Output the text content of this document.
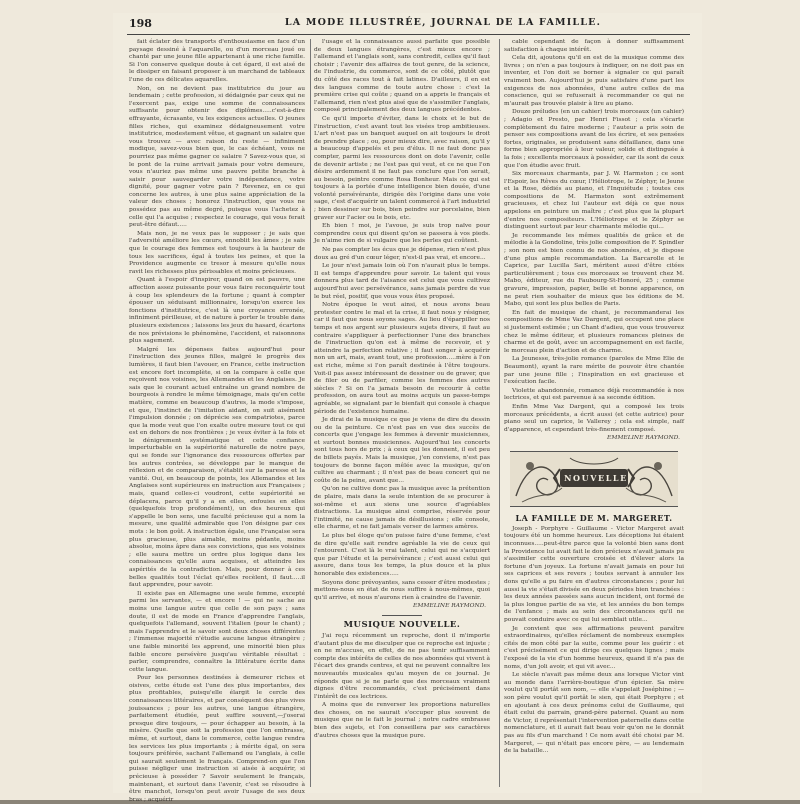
198	LA MODE ILLUSTRÉE, JOURNAL DE LA FAMILLE.

fait éclater des transports d'enthousiasme en face d'un paysage dessiné à l'aquarelle, ou d'un morceau joué ou chanté par une jeune fille appartenant à une riche famille. Si l'on conserve quelque doute à cet égard, il est aisé de le dissiper en faisant proposer à un marchand de tableaux l'une de ces délicates aquarelles.

Non, on ne devient pas institutrice du jour au lendemain ; cette profession, si dédaignée par ceux qui ne l'exercent pas, exige une somme de connaissances suffisante pour obtenir des diplômes.....c'est-à-dire effrayante, écrasante, vu les exigences actuelles. O jeunes filles riches, qui examinez dédaigneusement votre institutrice, modestement vêtue, et gagnant un salaire que vous trouvez — avec raison du reste — infiniment modique, savez-vous bien que, le cas échéant, vous ne pourriez pas même gagner ce salaire ? Savez-vous que, si le pont de la ruine arrivait jamais pour votre demeure, vous n'auriez pas même une pauvre petite branche à saisir pour sauvegarder votre indépendance, votre dignité, pour gagner votre pain ? Revenez, en ce qui concerne les autres, à une plus saine appréciation de la valeur des choses ; honorez l'instruction, que vous ne possédez pas au même degré, puisque vous l'achetez à celle qui l'a acquise ; respectez le courage, qui vous ferait peut-être défaut.....

Mais non, je ne veux pas le supposer ; je sais que l'adversité améliore les cœurs, ennoblit les âmes ; je sais que le courage des femmes est toujours à la hauteur de tous les sacrifices, égal à toutes les peines, et que la Providence augmente ce tresor à mesure qu'elle nous ravit les richesses plus périssables et moins précieuses.

Quant à l'espoir d'inspirer, quand on est pauvre, une affection assez puissante pour vous faire reconquérir tout à coup les splendeurs de la fortune ; quant à compter épouser un séduisant millionnaire, lorsqu'on exerce les fonctions d'institutrice, c'est là une croyance erronée, infiniment périlleuse, et de nature à porter le trouble dans plusieurs existences ; laissons les jeux du hasard, écartons de nos prévisions le phénomène, l'accident, et raisonnons plus sagement.

Malgré les dépenses faites aujourd'hui pour l'instruction des jeunes filles, malgré le progrès des lumières, il faut bien l'avouer, en France, cette instruction est encore fort incomplète, si on la compare à celle que reçoivent nos voisines, les Allemandes et les Anglaises. Je sais que le courant actuel entraîne un grand nombre de bourgeois à rendre le même témoignage, mais qu'en cette matière, comme en beaucoup d'autres, la mode s'impose, et que, l'instinct de l'imitation aidant, on suit aisément l'impulsion donnée ; on déprécie ses compatriotes, parce que la mode veut que l'on exalte outre mesure tout ce qui est en dehors de nos frontières ; je veux éviter à la fois et le dénigrement systématique et cette confiance imperturbable en la supériorité naturelle de notre pays, qui se fonde sur l'ignorance des ressources offertes par les autres contrées, se développe par le manque de réflexion et de comparaison, s'établit sur la paresse et la vanité. Oui, en beaucoup de points, les Allemandes et les Anglaises sont supérieures en instruction aux Françaises ; mais, quand celles-ci voudront, cette supériorité se déplacera, parce qu'il y a en elles, enfouies en elles (quelquefois trop profondément), un des heureux qui s'appelle le bon sens, une faculté précieuse qui a nom la mesure, une qualité admirable que l'on désigne par ces mots : le bon goût. A instruction égale, une Française sera plus gracieuse, plus aimable, moins pédante, moins absolue, moins âpre dans ses convictions, que ses voisines ; elle saura mettre un ordre plus logique dans les connaissances qu'elle aura acquises, et atteindre les aspérités de la contradiction. Mais, pour donner à ces belles qualités tout l'éclat qu'elles recèlent, il faut.....il faut apprendre, pour savoir.

Il existe pas en Allemagne une seule femme, excepté parmi les servantes, — et encore ! — qui ne sache au moins une langue autre que celle de son pays ; sans doute, il est de mode en France d'apprendre l'anglais, quelquefois l'allemand, souvent l'italien (pour le chant) ; mais l'apprendre et le savoir sont deux choses différentes ; l'immense majorité n'étudie aucune langue étrangère ; une faible minorité les apprend, une minorité bien plus faible encore persévère jusqu'au véritable résultat : parler, comprendre, connaître la littérature écrite dans cette langue.

Pour les personnes destinées à demeurer riches et oisives, cette étude est l'une des plus importantes, des plus profitables, puisqu'elle élargit le cercle des connaissances littéraires, et par conséquent des plus vives jouissances ; pour les autres, une langue étrangère, parfaitement étudiée, peut suffire souvent,—j'oserai presque dire toujours, — pour échapper au besoin, à la misère. Quelle que soit la profession que l'on embrasse, même, et surtout, dans le commerce, cette langue rendra les services les plus importants ; à mérite égal, on sera toujours préférée, sachant l'allemand ou l'anglais, à celle qui saurait seulement le français. Comprend-on que l'on puisse négliger une instruction si aisée à acquérir, si précieuse à posséder ? Savoir seulement le français, maintenant, et surtout dans l'avenir, c'est se résoudre à être manchot, lorsqu'on peut avoir l'usage de ses deux bras ; acquérir

l'usage et la connaissance aussi parfaite que possible de deux langues étrangères, c'est mieux encore ; l'allemand et l'anglais sont, sans contredit, celles qu'il faut choisir ; l'avenir des affaires de tout genre, de la science, de l'industrie, du commerce, sont de ce côté, plutôt que du côté des races tout à fait latines. D'ailleurs, il en est des langues comme de toute autre chose : c'est la première crise qui coûte ; quand on a appris le français et l'allemand, rien n'est plus aisé que de s'assimiler l'anglais, composé principalement des deux langues précédentes.

Ce qu'il importe d'éviter, dans le choix et le but de l'instruction, c'est avant tout les visées trop ambitieuses. L'art n'est pas un banquet auquel on ait toujours le droit de prendre place ; ou, pour mieux dire, avec raison, qu'il y a beaucoup d'appelés et peu d'élus. Il ne faut donc pas compter, parmi les ressources dont on dote l'avenir, celle de devenir artiste ; ne l'est pas qui veut, et ce ne que l'on désire ardemment il ne faut pas conclure que l'on serait, au besoin, peintre comme Rosa Bonheur. Mais ce qui est toujours à la portée d'une intelligence bien douée, d'une volonté persévérante, dirigée dès l'origine dans une voie sage, c'est d'acquérir un talent commercé à l'art industriel ; bien dessiner sur bois, bien peindre sur porcelaine, bien graver sur l'acier ou le bois, etc.

Eh bien ! moi, je l'avoue, je suis trop naïve pour comprendre ceux qui disent qu'on se passera à vos pieds. Je n'aime rien de si vulgaire que les perles qui coûtent.

Ne pas compter les écus que je dépense, rien n'est plus doux au gré d'un cœur léger, n'est-il pas vrai, et encore...

Le jour n'est jamais loin où l'on n'aurait plus le temps. Il est temps d'apprendre pour savoir. Le talent qui vous donnera plus tard de l'aisance est celui que vous cultivez aujourd'hui avec persévérance, sans jamais perdre de vue le but réel, positif, que vous vous êtes proposé.

Notre époque le veut ainsi, et nous avons beau protester contre le mal et la crise, il faut nous y résigner, car il faut que nous soyons sages. Au lieu d'éparpiller nos temps et nos argent sur plusieurs sujets divers, il faut au contraire s'appliquer à perfectionner l'une des branches de l'instruction qu'on est à même de recevoir, et y atteindre la perfection relative ; il faut songer à acquérir non un art, mais, avant tout, une profession.....mère à l'on est riche, même si l'on paraît destinée à l'être toujours. Voit-il pas assez intéressant de dessiner ou de graver, que de filer ou de parfiler, comme les femmes des autres siècles ? Si on l'a jamais besoin de recourir à cette profession, on aura tout au moins acquis un passe-temps agréable, se signalant par le bienfait qui console à chaque période de l'existence humaine.

Je dirai de la musique ce que je viens de dire du dessin ou de la peinture. Ce n'est pas en vue des succès de concerts que j'engage les femmes à devenir musiciennes, et surtout bonnes musiciennes. Aujourd'hui les concerts sont tous hors de prix ; à ceux qui les donnent, il est peu de billets payés. Mais la musique, j'en conviens, n'est pas toujours de bonne façon mêlée avec la musique, qu'on cultive au charmant ; il n'est pas de beau concert qui ne coûte de la peine, avant que...

Qu'on ne cultive donc pas la musique avec la prétention de plaire, mais dans la seule intention de se procurer à soi-même et aux siens une source d'agréables distractions. La musique ainsi comprise, réservée pour l'intimité, ne cause jamais de désillusions ; elle console, elle charme, et ne fait jamais verser de larmes amères.

Le plus bel éloge qu'on puisse faire d'une femme, c'est de dire qu'elle sait rendre agréable la vie de ceux qui l'entourent. C'est là le vrai talent, celui qui ne s'acquiert que par l'étude et la persévérance ; c'est aussi celui qui assure, dans tous les temps, la plus douce et la plus honorable des existences.....

Soyons donc prévoyantes, sans cesser d'être modestes ; mettons-nous en état de nous suffire à nous-mêmes, quoi qu'il arrive, et nous n'aurons rien à craindre de l'avenir.

EMMELINE RAYMOND.
MUSIQUE NOUVELLE.

J'ai reçu récemment un reproche, dont il m'importe d'autant plus de me disculper que ce reproche est injuste ; en ne m'accuse, en effet, de ne pas tenir suffisamment compte des intérêts de celles de nos abonnées qui vivent à l'écart des grands centres, et qui ne peuvent connaître les nouveautés musicales qu'au moyen de ce journal. Je réponds que si je ne parle que des morceaux vraiment dignes d'être recommandés, c'est précisément dans l'intérêt de ces lectrices.

A moins que de renverser les proportions naturelles des choses, on ne saurait s'occuper plus souvent de musique que ne le fait le journal ; notre cadre embrasse bien des sujets, et l'on conseillera par ses caractères d'autres choses que la musique pure.

cable cependant de façon à donner suffisamment satisfaction à chaque intérêt.

Cela dit, ajoutons qu'il en est de la musique comme des livres ; on n'en a pas toujours à indiquer, on ne doit pas en inventer, et l'on doit se borner à signaler ce qui paraît vraiment bon. Aujourd'hui je puis satisfaire d'une part les exigences de nos abonnées, d'une autre celles de ma conscience, qui se refuserait à recommander ce qui ne m'aurait pas trouvée plaisir à lire au piano.

Douze préludes (en un cahier) trois morceaux (un cahier) ; Adagio et Presto, par Henri Fissot ; cela s'écarte complètement du faire moderne ; l'auteur a pris soin de penser ses compositions avant de les écrire, et ses pensées fortes, originales, se produisent sans défaillance, dans une forme bien appropriée à leur valeur, solide et distinguée à la fois ; excellents morceaux à posséder, car ils sont de ceux que l'on étudie avec fruit.

Six morceaux charmants, par J. W. Harmston ; ce sont l'Espoir, les Rêves du cœur, l'Héliotrope, le Zéphyr, le Jeune et la Rose, dédiés au piano, et l'Inquiétude ; toutes ces compositions de M. Harmston sont extrêmement gracieuses, et chez lui l'auteur est déjà ce que nous appelons en peinture un maître ; c'est plus que la plupart d'entre nos compositeurs. L'Héliotrope et le Zéphyr se distinguent surtout par leur charmante mélodie qui...

Je recommande les mêmes qualités de grâce et de mélodie à la Gondoline, très jolie composition de F. Spindler ; son nom est bien connu de nos abonnées, et je dispose d'une plus ample recommandation. La Barcarolle et le Caprice, par Lucilla Sari, méritent aussi d'être citées particulièrement ; tous ces morceaux se trouvent chez M. Mabo, éditeur, rue du Faubourg-St-Honoré, 25 ; comme gravure, impression, papier, belle et bonne apparence, on ne peut rien souhaiter de mieux que les éditions de M. Mabo, qui sont les plus belles de Paris.

En fait de musique de chant, je recommanderai les compositions de Mme Vaz Dargent, qui occupent une place si justement estimée ; un Chant d'adieu, que vous trouverez chez le même éditeur, et plusieurs romances pleines de charme et de goût, avec un accompagnement en est facile, le morceau plein d'action et de charme.

La Jeunesse, très-jolie romance (paroles de Mme Elie de Beaumont), ayant la rare mérite de pouvoir être chantée par une jeune fille ; l'inspiration en est gracieuse et l'exécution facile.

Violette abandonnée, romance déjà recommandée à nos lectrices, et qui est parvenue à sa seconde édition.

Enfin Mme Vaz Dargent, qui a composé les trois morceaux précédents, a écrit aussi (et cette autrice) pour piano seul un caprice, le Vallerey ; cela est simple, naïf d'apparence, et cependant très-finement composé.

EMMELINE RAYMOND.
NOUVELLE
LA FAMILLE DE M. MARGERET.

Joseph - Porphyre - Guillaume - Victor Margeret avait toujours été un homme heureux. Les déceptions lui étaient inconnues.....peut-être parce que la volonté bien sans dont la Providence lui avait fait le don précieux n'avait jamais pu s'assimiler cette ouverture croisée et d'élever alors la fortune d'un joyeux. La fortune n'avait jamais en pour lui ses caprices et ses revers ; toutes servant à annuler les dons qu'elle a pu faire en d'autres circonstances ; pour lui aussi la vie s'était divisée en deux périodes bien tranchées : les deux années passées sans aucun incident, ont formé de la plus longue partie de sa vie, et les années du bon temps de l'enfance ; mais au sein des circonstances qu'il ne pouvait conduire avec ce qui lui semblait utile...

Je convient que ses affirmations peuvent paraître extraordinaires, qu'elles réclament de nombreux exemples cités de mon côté par la suite, comme pour les guérir : et c'est précisément ce qui dirige ces quelques lignes ; mais l'exposé de la vie d'un homme heureux, quand il n'a pas de noms, d'un joli avoir, et qui vit avec...

Le siècle n'avait pas même deux ans lorsque Victor vint au monde dans l'arrière-boutique d'un épicier. Sa mère voulut qu'il portât son nom, — elle s'appelait Joséphine ; — son père voulut qu'il portât le sien, qui était Porphyre ; et en ajoutant à ces deux prénoms celui de Guillaume, qui était celui du parrain, grand-père paternel. Quant au nom de Victor, il représentait l'intervention paternelle dans cette nomenclature, et il aurait fait beau voir qu'on ne le donnât pas au fils d'un marchand ! Ce nom avait été choisi par M. Margeret, — qui n'était pas encore père, — au lendemain de la bataille...
